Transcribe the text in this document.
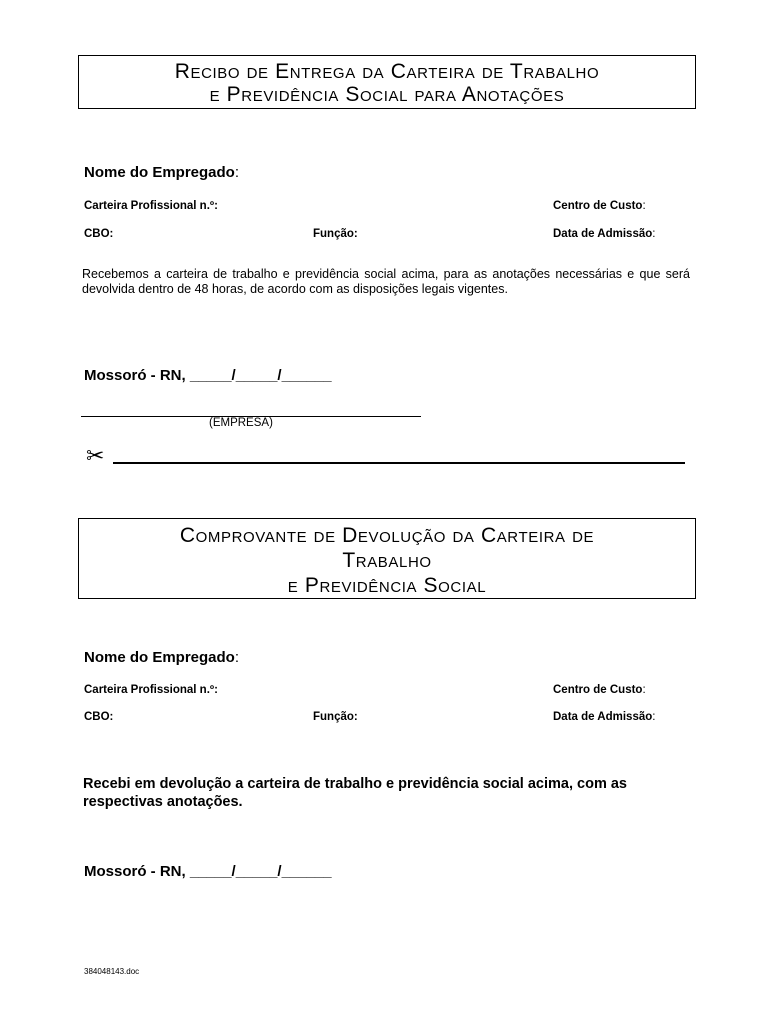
Recibo de Entrega da Carteira de Trabalho
e Previdência Social para Anotações
Nome do Empregado:
Carteira Profissional n.º:	Centro de Custo:
CBO:	Função:	Data de Admissão:
Recebemos a carteira de trabalho e previdência social acima, para as anotações necessárias e que será devolvida dentro de 48 horas, de acordo com as disposições legais vigentes.
Mossoró - RN, _____/_____/______
(EMPRESA)
✂
Comprovante de Devolução da Carteira de
Trabalho
e Previdência Social
Nome do Empregado:
Carteira Profissional n.º:	Centro de Custo:
CBO:	Função:	Data de Admissão:
Recebi em devolução a carteira de trabalho e previdência social acima, com as respectivas anotações.
Mossoró - RN, _____/_____/______
384048143.doc
